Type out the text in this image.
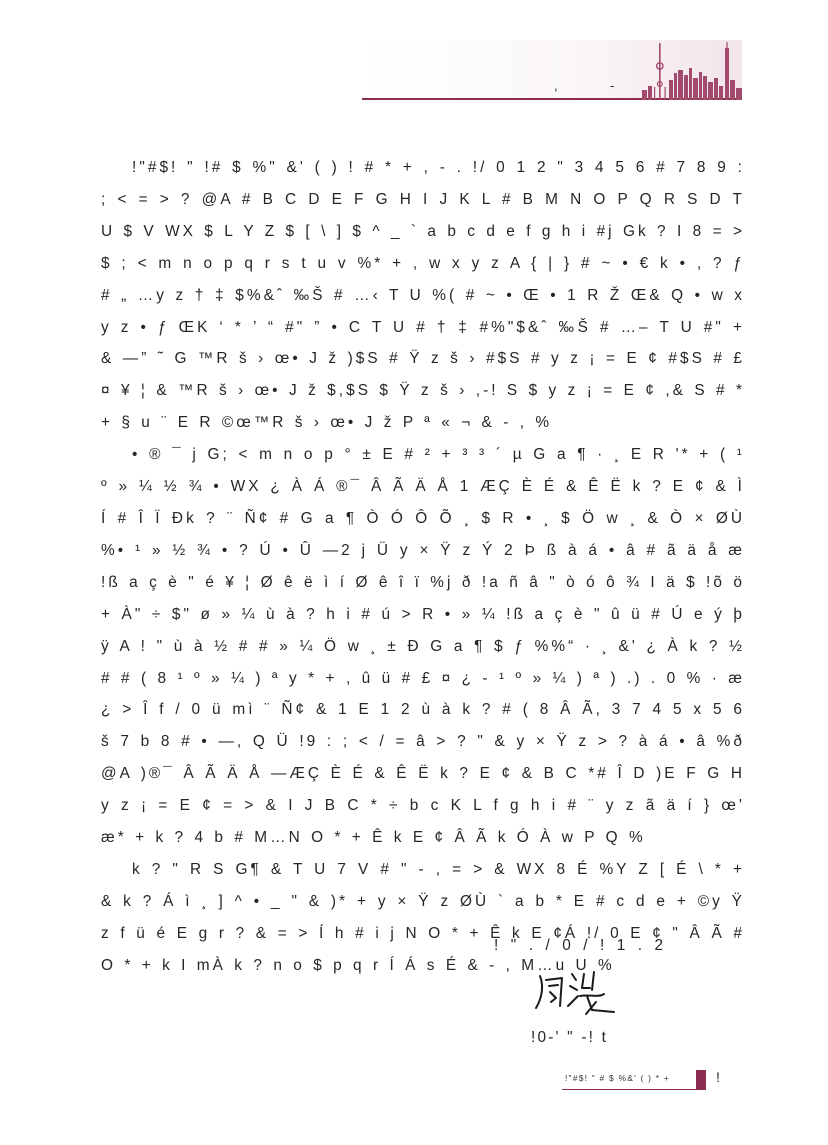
,	-

!"#$! " !# $ %" &' ( ) ! # * + , - . !/ 0 1 2 " 3 4 5 6 # 7 8 9 : ; < = > ? @A # B C D E F G H I J K L # B M N O P Q R S D T U $ V WX $ L Y Z $ [ \ ] $ ^ _ ` a b c d e f g h i #j Gk ? I 8 = > $ ; < m n o p q r s t u v %* + , w x y z A { | } # ~ • € k • , ? ƒ # „ …y z † ‡ $%&ˆ ‰Š # …‹ T U %( # ~ • Œ • 1 R Ž Œ& Q • w x y z • ƒ ŒK ‘ * ’ “ #" ” • C T U # † ‡ #%"$&ˆ ‰Š # …– T U #" + & —” ˜ G ™R š › œ• J ž )$S # Ÿ z š › #$S # y z ¡ = E ¢ #$S # £ ¤ ¥ ¦ & ™R š › œ• J ž $,$S $ Ÿ z š › ,-! S $ y z ¡ = E ¢ ,& S # * + § u ¨ E R ©œ™R š › œ• J ž P ª « ¬ & - , %

• ® ¯ j G; < m n o p ° ± E # ² + ³ ³ ´ µ G a ¶ · ¸ E R '* + ( ¹ º » ¼ ½ ¾ • WX ¿ À Á ®¯ Â Ã Ä Å 1 ÆÇ È É & Ê Ë k ? E ¢ & Ì Í # Î Ï Ðk ? ¨ Ñ¢ # G a ¶ Ò Ó Ô Õ ¸ $ R • ¸ $ Ö w ¸ & Ò × ØÙ %• ¹ » ½ ¾ • ? Ú • Û —2 j Ü y × Ÿ z Ý 2 Þ ß à á • â # ã ä å æ !ß a ç è " é ¥ ¦ Ø ê ë ì í Ø ê î ï %j ð !a ñ â " ò ó ô ¾ I ä $ !õ ö + À" ÷ $" ø » ¼ ù à ? h i # ú > R • » ¼ !ß a ç è " û ü # Ú e ý þ ÿ A ! " ù à ½ # # » ¼ Ö w ¸ ± Ð G a ¶ $ ƒ %%“ · ¸ &' ¿ À k ? ½ # # ( 8 ¹ º » ¼ ) ª y * + , û ü # £ ¤ ¿ - ¹ º » ¼ ) ª ) .) . 0 % · æ ¿ > Î f / 0 ü mì ¨ Ñ¢ & 1 E 1 2 ù à k ? # ( 8 Â Ã, 3 7 4 5 x 5 6 š 7 b 8 # • —, Q Ü !9 : ; < / = â > ? " & y × Ÿ z > ? à á • â %ð @A )®¯ Â Ã Ä Å —ÆÇ È É & Ê Ë k ? E ¢ & B C *# Î D )E F G H y z ¡ = E ¢ = > & I J B C * ÷ b c K L f g h i # ¨ y z ã ä í } œ' æ* + k ? 4 b # M…N O * + Ê k E ¢ Â Ã k Ó À w P Q %

k ? " R S G¶ & T U 7 V # " - , = > & WX 8 É %Y Z [ É \ * + & k ? Á ì ¸ ] ^ • _ " & )* + y × Ÿ z ØÙ ` a b * E # c d e + ©y Ÿ z f ü é E g r ? & = > Í h # i j N O * + Ê k E ¢Á !/ 0 E ¢ " Â Ã # O * + k I mÀ k ? n o $ p q r Í Á s É & - , M…u U %

! " . / 0 / ! 1 . 2
!0-' " -! t
!"#$! " # $ %&' ( ) * +	!
